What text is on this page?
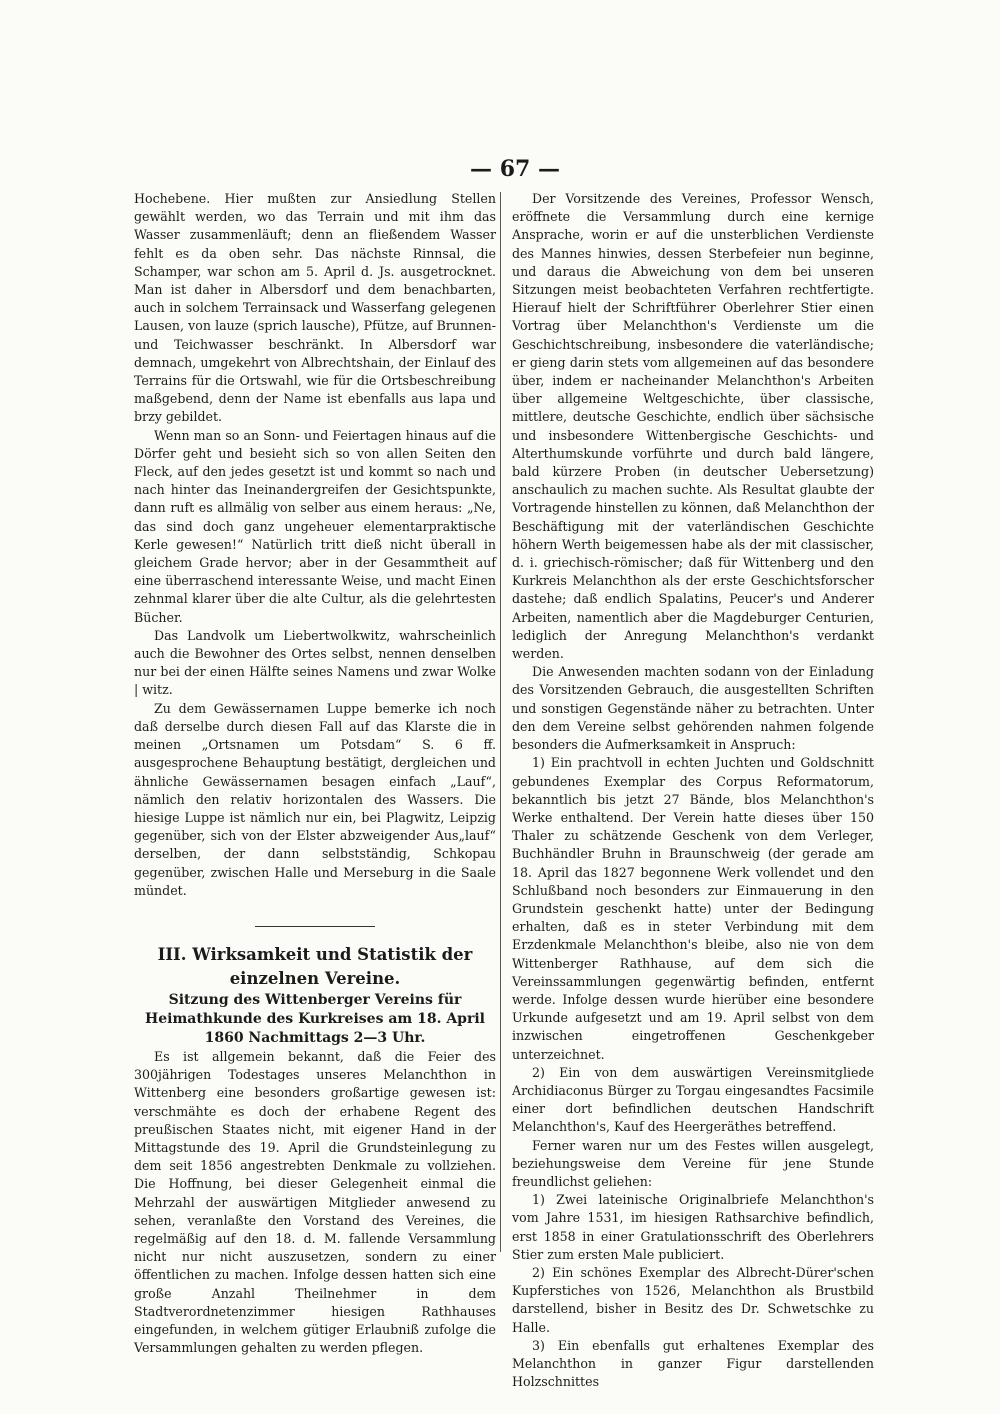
— 67 —

Hochebene. Hier mußten zur Ansiedlung Stellen gewählt werden, wo das Terrain und mit ihm das Wasser zusammenläuft; denn an fließendem Wasser fehlt es da oben sehr. Das nächste Rinnsal, die Schamper, war schon am 5. April d. Js. ausgetrocknet. Man ist daher in Albersdorf und dem benachbarten, auch in solchem Terrainsack und Wasserfang gelegenen Lausen, von lauze (sprich lausche), Pfütze, auf Brunnen- und Teichwasser beschränkt. In Albersdorf war demnach, umgekehrt von Albrechtshain, der Einlauf des Terrains für die Ortswahl, wie für die Ortsbeschreibung maßgebend, denn der Name ist ebenfalls aus lapa und brzy gebildet.

Wenn man so an Sonn- und Feiertagen hinaus auf die Dörfer geht und besieht sich so von allen Seiten den Fleck, auf den jedes gesetzt ist und kommt so nach und nach hinter das Ineinandergreifen der Gesichtspunkte, dann ruft es allmälig von selber aus einem heraus: „Ne, das sind doch ganz ungeheuer elementarpraktische Kerle gewesen!“ Natürlich tritt dieß nicht überall in gleichem Grade hervor; aber in der Gesammtheit auf eine überraschend interessante Weise, und macht Einen zehnmal klarer über die alte Cultur, als die gelehrtesten Bücher.

Das Landvolk um Liebertwolkwitz, wahrscheinlich auch die Bewohner des Ortes selbst, nennen denselben nur bei der einen Hälfte seines Namens und zwar Wolke | witz.

Zu dem Gewässernamen Luppe bemerke ich noch daß derselbe durch diesen Fall auf das Klarste die in meinen „Ortsnamen um Potsdam“ S. 6 ff. ausgesprochene Behauptung bestätigt, dergleichen und ähnliche Gewässernamen besagen einfach „Lauf“, nämlich den relativ horizontalen des Wassers. Die hiesige Luppe ist nämlich nur ein, bei Plagwitz, Leipzig gegenüber, sich von der Elster abzweigender Aus„lauf“ derselben, der dann selbstständig, Schkopau gegenüber, zwischen Halle und Merseburg in die Saale mündet.

III. Wirksamkeit und Statistik der einzelnen Vereine.

Sitzung des Wittenberger Vereins für Heimathkunde des Kurkreises am 18. April 1860 Nachmittags 2—3 Uhr.

Es ist allgemein bekannt, daß die Feier des 300jährigen Todestages unseres Melanchthon in Wittenberg eine besonders großartige gewesen ist: verschmähte es doch der erhabene Regent des preußischen Staates nicht, mit eigener Hand in der Mittagstunde des 19. April die Grundsteinlegung zu dem seit 1856 angestrebten Denkmale zu vollziehen. Die Hoffnung, bei dieser Gelegenheit einmal die Mehrzahl der auswärtigen Mitglieder anwesend zu sehen, veranlaßte den Vorstand des Vereines, die regelmäßig auf den 18. d. M. fallende Versammlung nicht nur nicht auszusetzen, sondern zu einer öffentlichen zu machen. Infolge dessen hatten sich eine große Anzahl Theilnehmer in dem Stadtverordnetenzimmer hiesigen Rathhauses eingefunden, in welchem gütiger Erlaubniß zufolge die Versammlungen gehalten zu werden pflegen.

Der Vorsitzende des Vereines, Professor Wensch, eröffnete die Versammlung durch eine kernige Ansprache, worin er auf die unsterblichen Verdienste des Mannes hinwies, dessen Sterbefeier nun beginne, und daraus die Abweichung von dem bei unseren Sitzungen meist beobachteten Verfahren rechtfertigte. Hierauf hielt der Schriftführer Oberlehrer Stier einen Vortrag über Melanchthon's Verdienste um die Geschichtschreibung, insbesondere die vaterländische; er gieng darin stets vom allgemeinen auf das besondere über, indem er nacheinander Melanchthon's Arbeiten über allgemeine Weltgeschichte, über classische, mittlere, deutsche Geschichte, endlich über sächsische und insbesondere Wittenbergische Geschichts- und Alterthumskunde vorführte und durch bald längere, bald kürzere Proben (in deutscher Uebersetzung) anschaulich zu machen suchte. Als Resultat glaubte der Vortragende hinstellen zu können, daß Melanchthon der Beschäftigung mit der vaterländischen Geschichte höhern Werth beigemessen habe als der mit classischer, d. i. griechisch-römischer; daß für Wittenberg und den Kurkreis Melanchthon als der erste Geschichtsforscher dastehe; daß endlich Spalatins, Peucer's und Anderer Arbeiten, namentlich aber die Magdeburger Centurien, lediglich der Anregung Melanchthon's verdankt werden.

Die Anwesenden machten sodann von der Einladung des Vorsitzenden Gebrauch, die ausgestellten Schriften und sonstigen Gegenstände näher zu betrachten. Unter den dem Vereine selbst gehörenden nahmen folgende besonders die Aufmerksamkeit in Anspruch:

1) Ein prachtvoll in echten Juchten und Goldschnitt gebundenes Exemplar des Corpus Reformatorum, bekanntlich bis jetzt 27 Bände, blos Melanchthon's Werke enthaltend. Der Verein hatte dieses über 150 Thaler zu schätzende Geschenk von dem Verleger, Buchhändler Bruhn in Braunschweig (der gerade am 18. April das 1827 begonnene Werk vollendet und den Schlußband noch besonders zur Einmauerung in den Grundstein geschenkt hatte) unter der Bedingung erhalten, daß es in steter Verbindung mit dem Erzdenkmale Melanchthon's bleibe, also nie von dem Wittenberger Rathhause, auf dem sich die Vereinssammlungen gegenwärtig befinden, entfernt werde. Infolge dessen wurde hierüber eine besondere Urkunde aufgesetzt und am 19. April selbst von dem inzwischen eingetroffenen Geschenkgeber unterzeichnet.

2) Ein von dem auswärtigen Vereinsmitgliede Archidiaconus Bürger zu Torgau eingesandtes Facsimile einer dort befindlichen deutschen Handschrift Melanchthon's, Kauf des Heergeräthes betreffend.

Ferner waren nur um des Festes willen ausgelegt, beziehungsweise dem Vereine für jene Stunde freundlichst geliehen:

1) Zwei lateinische Originalbriefe Melanchthon's vom Jahre 1531, im hiesigen Rathsarchive befindlich, erst 1858 in einer Gratulationsschrift des Oberlehrers Stier zum ersten Male publiciert.

2) Ein schönes Exemplar des Albrecht-Dürer'schen Kupferstiches von 1526, Melanchthon als Brustbild darstellend, bisher in Besitz des Dr. Schwetschke zu Halle.

3) Ein ebenfalls gut erhaltenes Exemplar des Melanchthon in ganzer Figur darstellenden Holzschnittes
